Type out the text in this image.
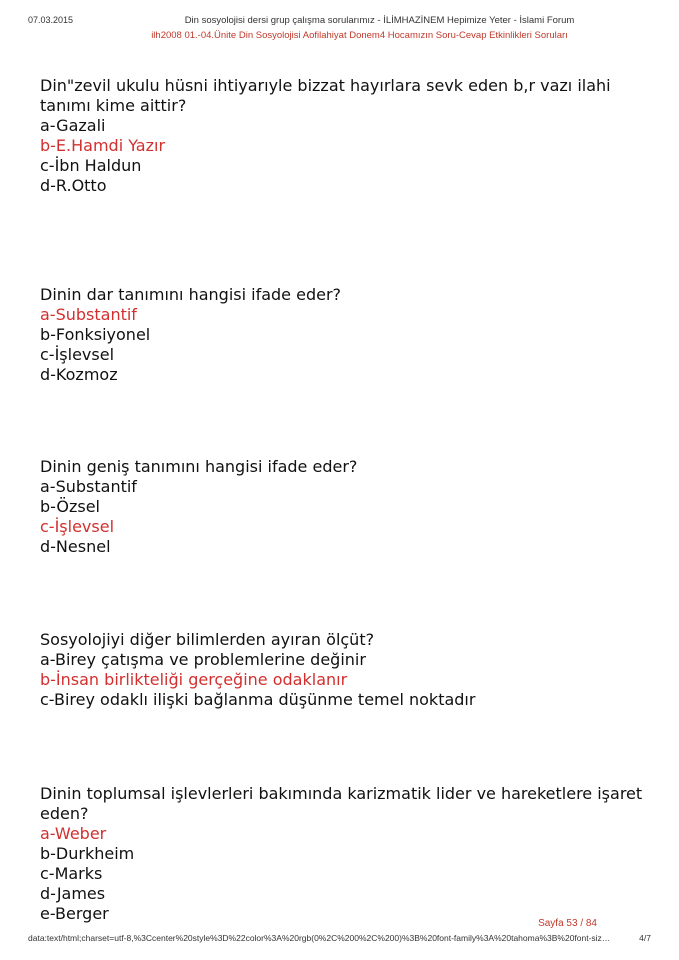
07.03.2015	Din sosyolojisi dersi grup çalışma sorularımız - İLİMHAZİNEM Hepimize Yeter - İslami Forum
ilh2008 01.-04.Ünite Din Sosyolojisi Aofilahiyat Donem4 Hocamızın Soru-Cevap Etkinlikleri Soruları

Din"zevil ukulu hüsni ihtiyarıyle bizzat hayırlara sevk eden b,r vazı ilahi tanımı kime aittir?

a-Gazali

b-E.Hamdi Yazır

c-İbn Haldun

d-R.Otto

Dinin dar tanımını hangisi ifade eder?

a-Substantif

b-Fonksiyonel

c-İşlevsel

d-Kozmoz

Dinin geniş tanımını hangisi ifade eder?

a-Substantif

b-Özsel

c-İşlevsel

d-Nesnel

Sosyolojiyi diğer bilimlerden ayıran ölçüt?

a-Birey çatışma ve problemlerine değinir

b-İnsan birlikteliği gerçeğine odaklanır

c-Birey odaklı ilişki bağlanma düşünme temel noktadır

Dinin toplumsal işlevlerleri bakımında karizmatik lider ve hareketlere işaret eden?

a-Weber

b-Durkheim

c-Marks

d-James

e-Berger

Sayfa 53 / 84
data:text/html;charset=utf-8,%3Ccenter%20style%3D%22color%3A%20rgb(0%2C%200%2C%200)%3B%20font-family%3A%20tahoma%3B%20font-siz…	4/7
